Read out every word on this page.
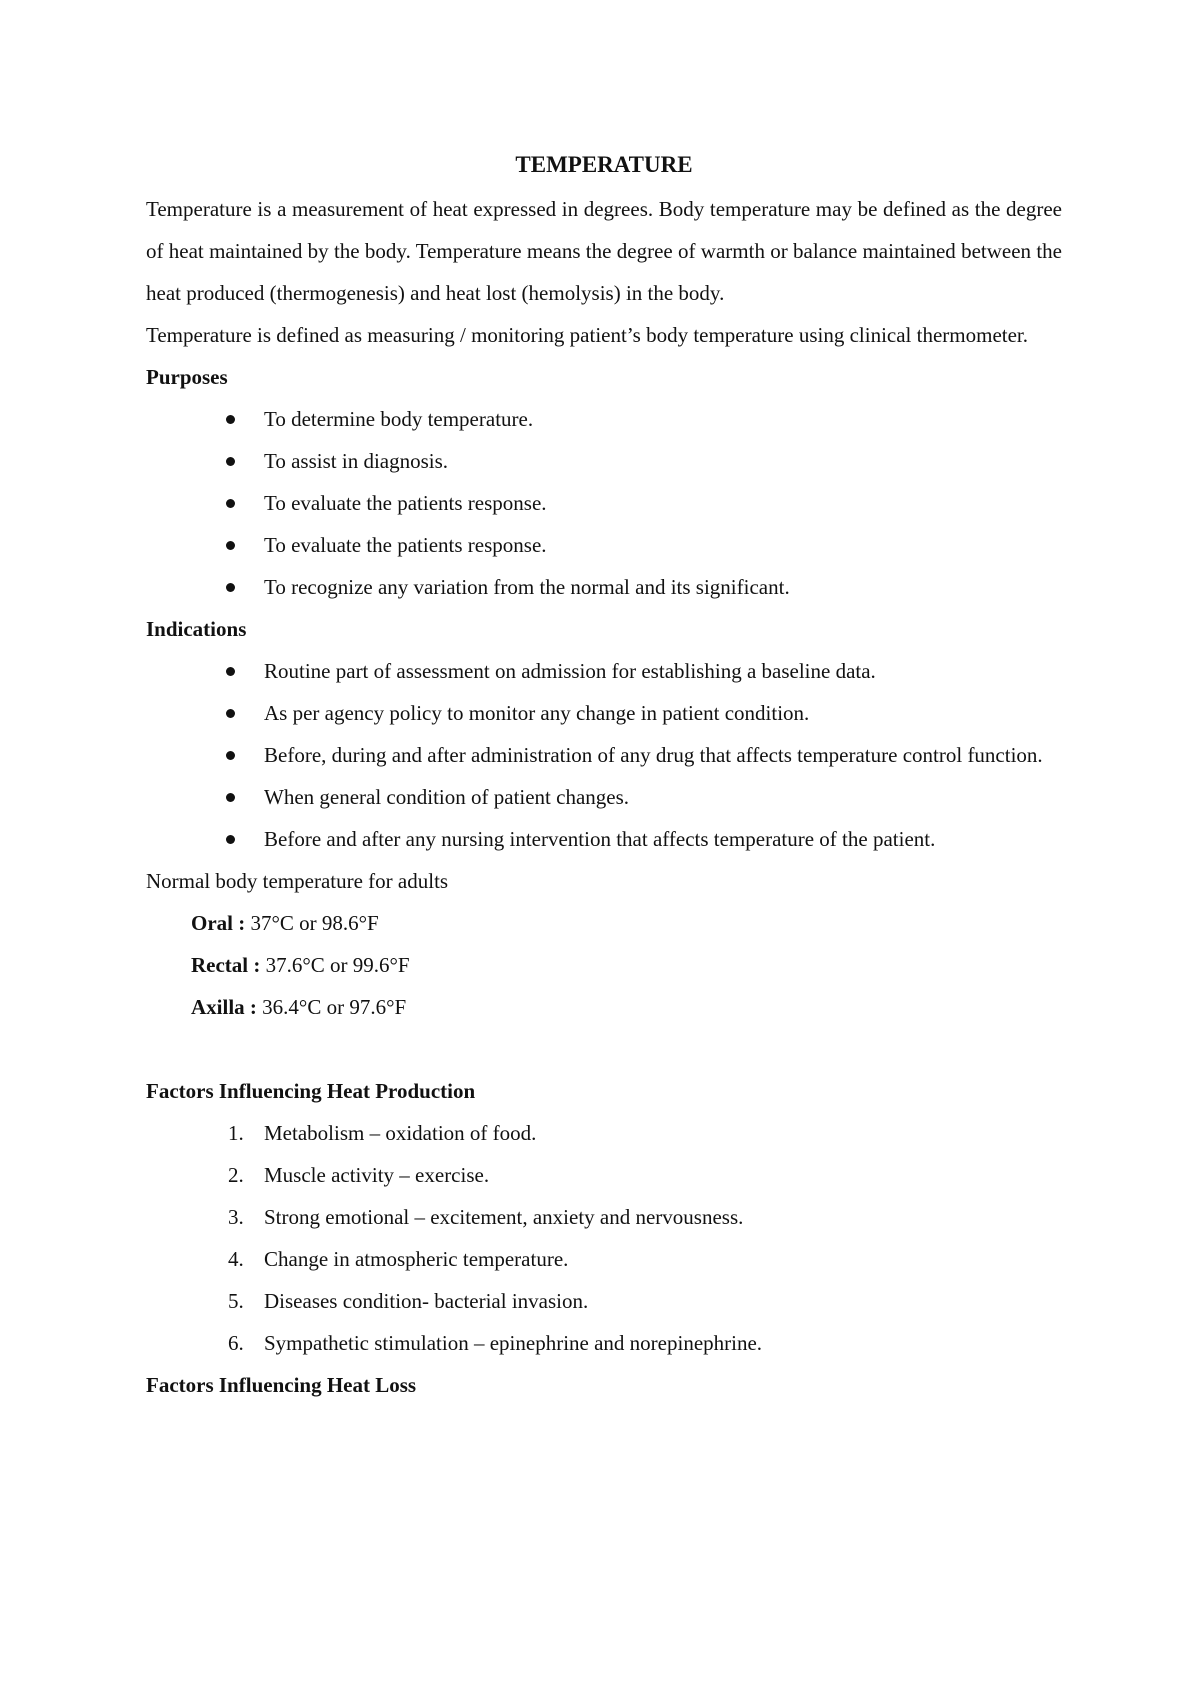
TEMPERATURE

Temperature is a measurement of heat expressed in degrees. Body temperature may be defined as the degree of heat maintained by the body. Temperature means the degree of warmth or balance maintained between the heat produced (thermogenesis) and heat lost (hemolysis) in the body.

Temperature is defined as measuring / monitoring patient’s body temperature using clinical thermometer.

Purposes
To determine body temperature.
To assist in diagnosis.
To evaluate the patients response.
To evaluate the patients response.
To recognize any variation from the normal and its significant.
Indications
Routine part of assessment on admission for establishing a baseline data.
As per agency policy to monitor any change in patient condition.
Before, during and after administration of any drug that affects temperature control function.
When general condition of patient changes.
Before and after any nursing intervention that affects temperature of the patient.
Normal body temperature for adults
Oral : 37°C or 98.6°F
Rectal : 37.6°C or 99.6°F
Axilla : 36.4°C or 97.6°F
Factors Influencing Heat Production
1. Metabolism – oxidation of food.
2. Muscle activity – exercise.
3. Strong emotional – excitement, anxiety and nervousness.
4. Change in atmospheric temperature.
5. Diseases condition- bacterial invasion.
6. Sympathetic stimulation – epinephrine and norepinephrine.
Factors Influencing Heat Loss
